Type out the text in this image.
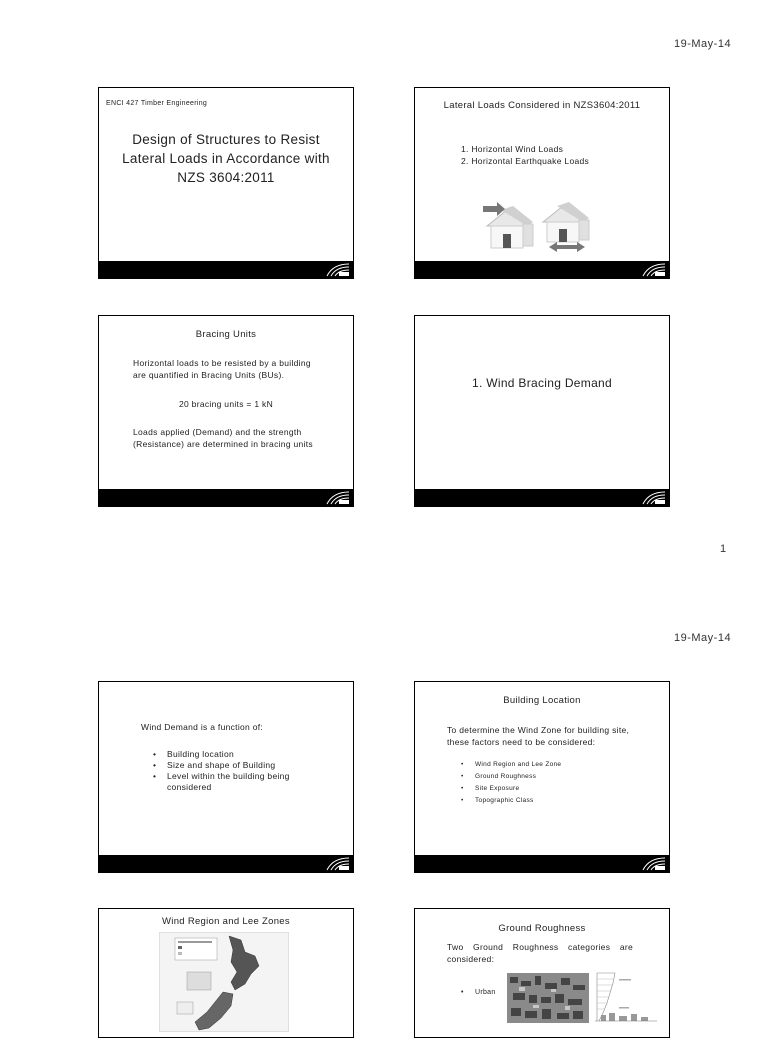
19-May-14
ENCI 427 Timber Engineering
Design of Structures to Resist
Lateral Loads in Accordance with
NZS 3604:2011
Lateral Loads Considered in NZS3604:2011
1. Horizontal Wind Loads
2. Horizontal Earthquake Loads
Bracing Units
Horizontal loads to be resisted by a building are quantified in Bracing Units (BUs).
20 bracing units = 1 kN
Loads applied (Demand) and the strength (Resistance) are determined in bracing units
1. Wind Bracing Demand
1
19-May-14
Wind Demand is a function of:
• Building location
• Size and shape of Building
• Level within the building being considered
Building Location
To determine the Wind Zone for building site, these factors need to be considered:
• Wind Region and Lee Zone
• Ground Roughness
• Site Exposure
• Topographic Class
Wind Region and Lee Zones
Ground Roughness
Two Ground Roughness categories are considered:
• Urban
